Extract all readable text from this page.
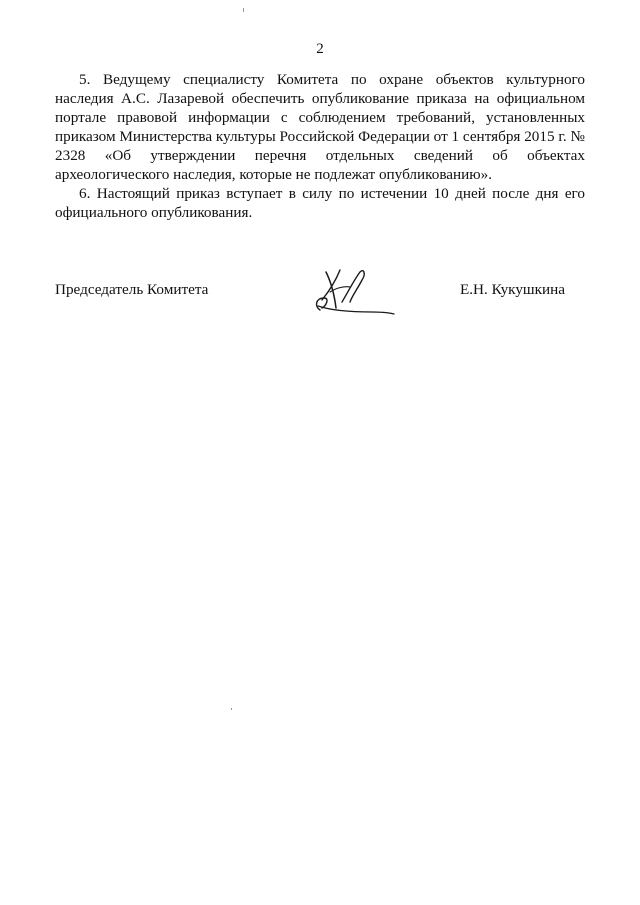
2

5. Ведущему специалисту Комитета по охране объектов культурного наследия А.С. Лазаревой обеспечить опубликование приказа на официальном портале правовой информации с соблюдением требований, установленных приказом Министерства культуры Российской Федерации от 1 сентября 2015 г. № 2328 «Об утверждении перечня отдельных сведений об объектах археологического наследия, которые не подлежат опубликованию».

6. Настоящий приказ вступает в силу по истечении 10 дней после дня его официального опубликования.

Председатель Комитета	Е.Н. Кукушкина
